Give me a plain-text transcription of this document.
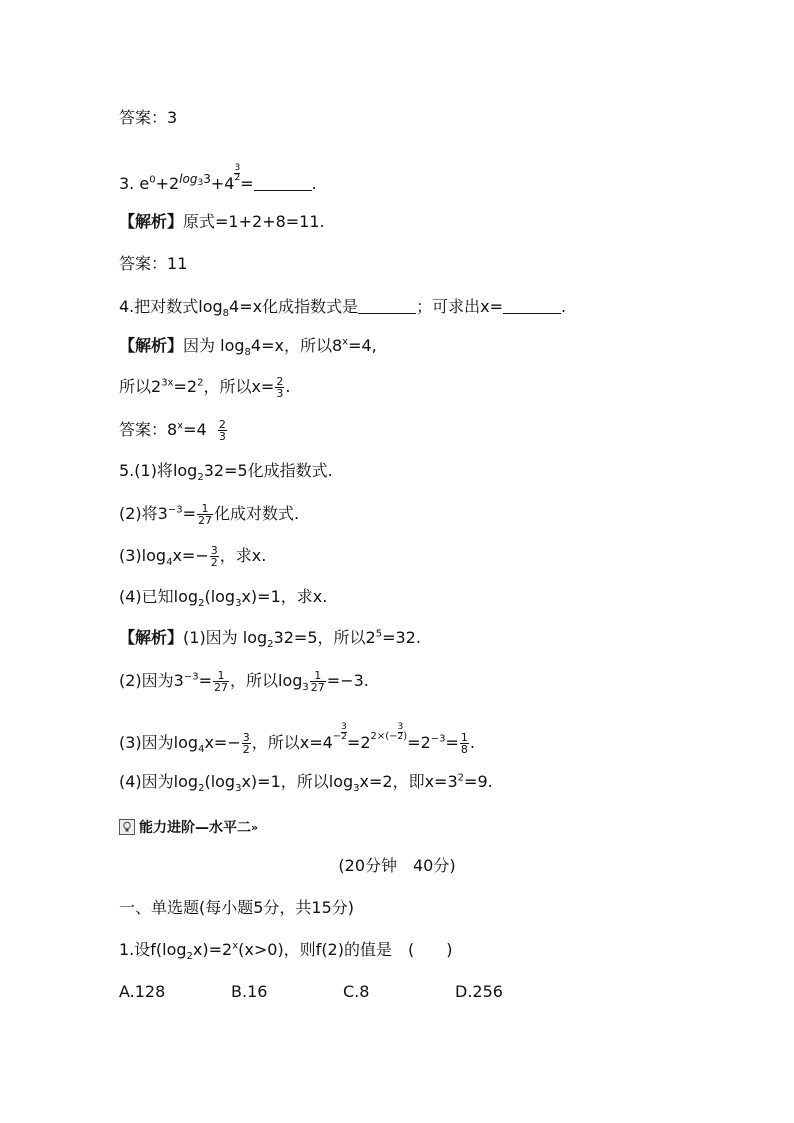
答案：3
3. $e^0+2^{log33}+4$
$\frac{3}{2}$
=	.
【解析】原式=1+2+8=11.
答案：11
4.把对数式$\log_84=x$化成指数式是	；可求出x=	.
【解析】因为 $\log_84=x$，所以$8^x=4$,
所以$2^{3x}=2^2$，所以$x= \frac{2}{3}$ .
答案：$8^x=4 \frac{2}{3}$
5.(1)将$\log_232=5$化成指数式.
(2)将$3^{-3}= \frac{1}{27}$ 化成对数式.
$(3)\log_4x=- \frac{3}{2}$ ，求x.
(4)已知$\log_2(\log_3x)=1$，求x.
【解析】(1)因为 $\log_232=5$，所以$2^5=32$.
(2)因为$3^{-3}= \frac{1}{27}$ ，所以$\log_3 \frac{1}{27} =-3$.
(3)因为$\log_4x=- \frac{3}{2}$ ，所以$x=4^- \frac{3}{2}$
$=2^{2\times(-} \frac{3}{2} ^)=2^{-3}= \frac{1}{8}$ .
(4)因为$\log_2(\log_3x)=1$，所以$\log_3x=2$，即$x=3^2=9$.
能力进阶—水平二 »
(20分钟　40分)
一、单选题(每小题5分，共15分)
1.设$f(\log_2x)=2^x(x>0)$，则f(2)的值是　(　　)
A.128	B.16	C.8	D.256
